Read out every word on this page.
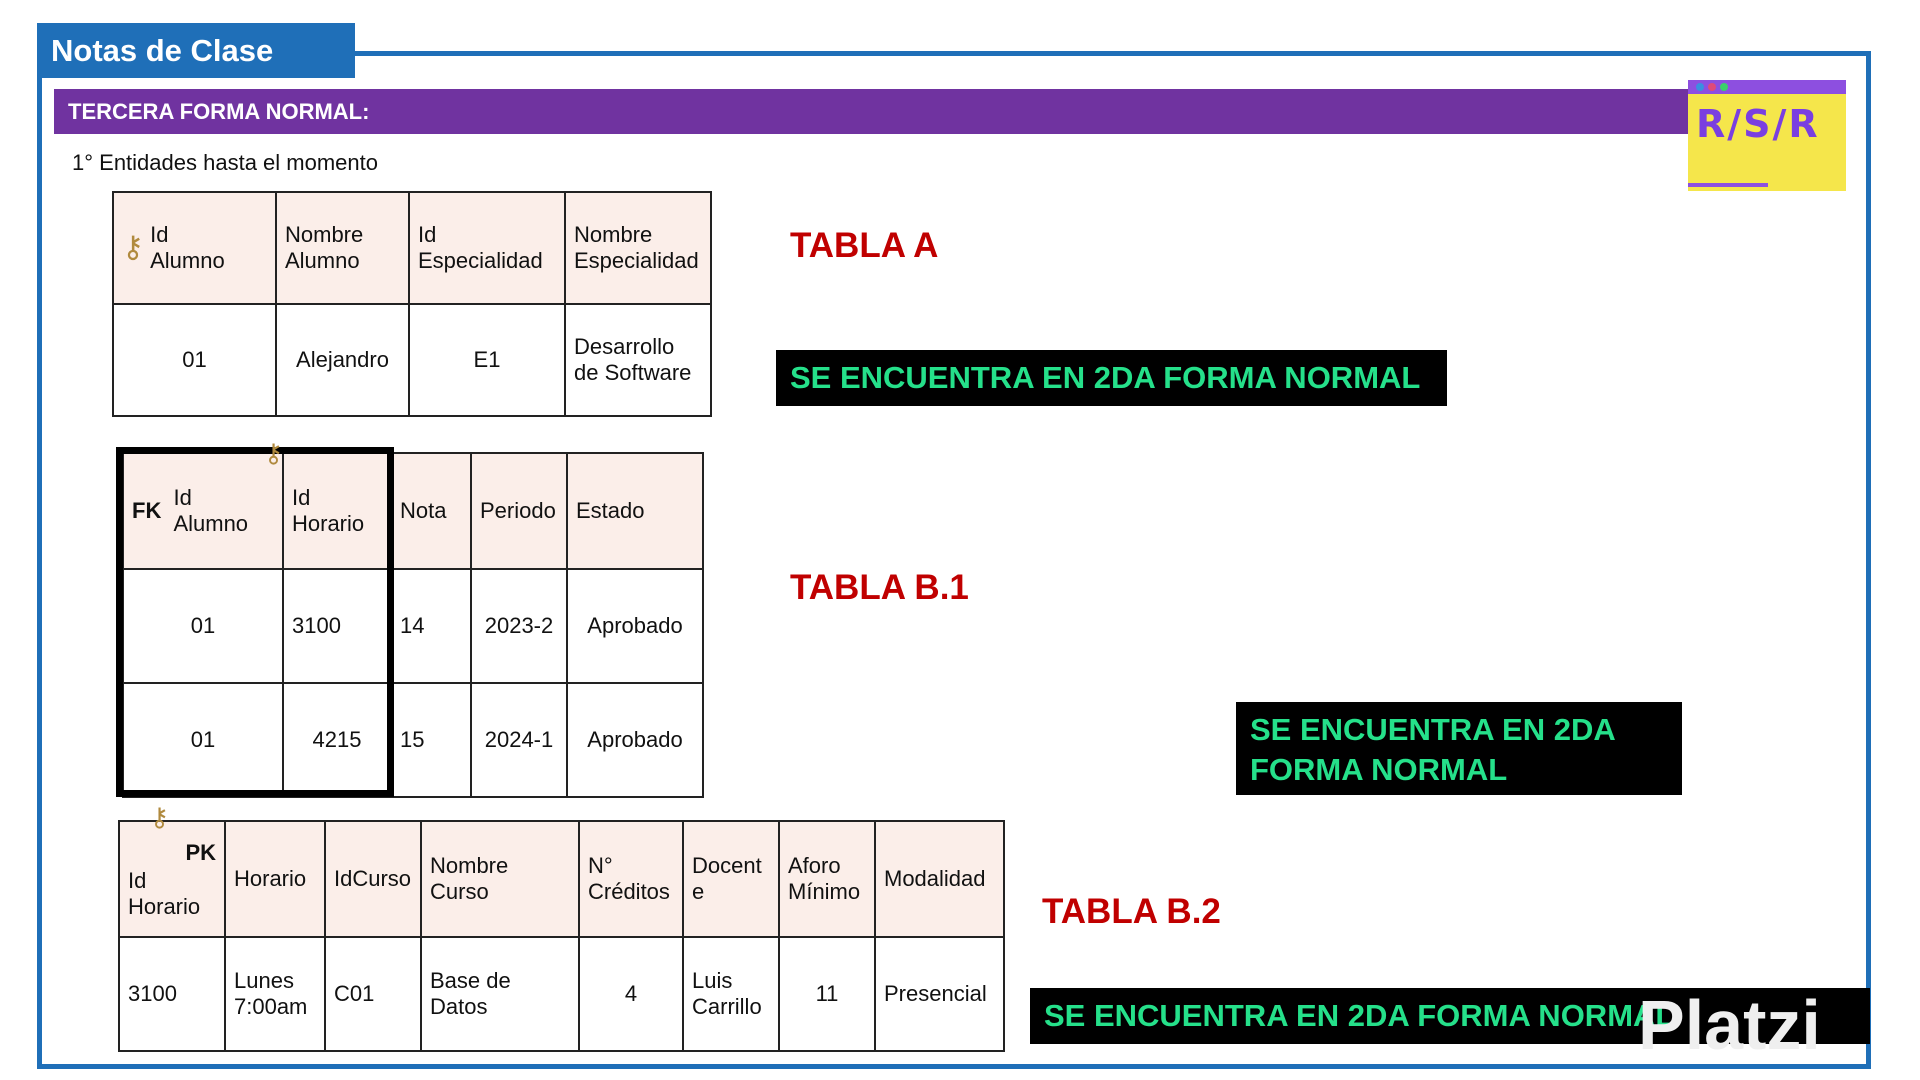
Notas de Clase
TERCERA FORMA NORMAL:
1° Entidades hasta el momento
R/S/R
⚷ Id Alumno	Nombre Alumno	Id Especialidad	Nombre Especialidad
01	Alejandro	E1	Desarrollo de Software
TABLA A
SE ENCUENTRA EN 2DA FORMA NORMAL
FK Id Alumno	Id Horario	Nota	Periodo	Estado
01	3100	14	2023-2	Aprobado
01	4215	15	2024-1	Aprobado
⚷
TABLA B.1
SE ENCUENTRA EN 2DA FORMA NORMAL
PK
Id Horario	Horario	IdCurso	Nombre Curso	N° Créditos	Docente	Aforo Mínimo	Modalidad
3100	Lunes 7:00am	C01	Base de Datos	4	Luis Carrillo	11	Presencial
⚷
TABLA B.2
SE ENCUENTRA EN 2DA FORMA NORMAL
Platzi
